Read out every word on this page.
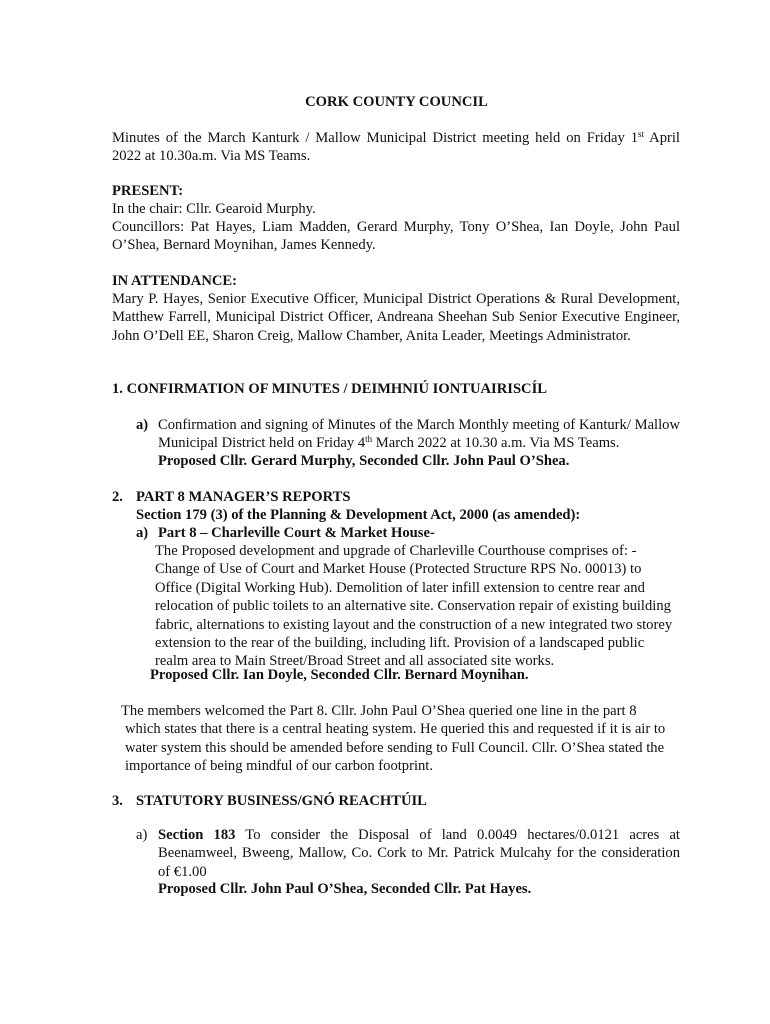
CORK COUNTY COUNCIL
Minutes of the March Kanturk / Mallow Municipal District meeting held on Friday 1st April 2022 at 10.30a.m. Via MS Teams.
PRESENT:
In the chair: Cllr. Gearoid Murphy.
Councillors: Pat Hayes, Liam Madden, Gerard Murphy, Tony O’Shea, Ian Doyle, John Paul O’Shea, Bernard Moynihan, James Kennedy.
IN ATTENDANCE:
Mary P. Hayes, Senior Executive Officer, Municipal District Operations & Rural Development, Matthew Farrell, Municipal District Officer, Andreana Sheehan Sub Senior Executive Engineer, John O’Dell EE, Sharon Creig, Mallow Chamber, Anita Leader, Meetings Administrator.
1. CONFIRMATION OF MINUTES / DEIMHNIÚ IONTUAIRISCÍL
a) Confirmation and signing of Minutes of the March Monthly meeting of Kanturk/ Mallow Municipal District held on Friday 4th March 2022 at 10.30 a.m. Via MS Teams.
Proposed Cllr. Gerard Murphy, Seconded Cllr. John Paul O’Shea.
2. PART 8 MANAGER’S REPORTS
Section 179 (3) of the Planning & Development Act, 2000 (as amended):
a) Part 8 – Charleville Court & Market House-
The Proposed development and upgrade of Charleville Courthouse comprises of: -
Change of Use of Court and Market House (Protected Structure RPS No. 00013) to
Office (Digital Working Hub). Demolition of later infill extension to centre rear and
relocation of public toilets to an alternative site. Conservation repair of existing building
fabric, alternations to existing layout and the construction of a new integrated two storey
extension to the rear of the building, including lift. Provision of a landscaped public
realm area to Main Street/Broad Street and all associated site works.
Proposed Cllr. Ian Doyle, Seconded Cllr. Bernard Moynihan.
The members welcomed the Part 8. Cllr. John Paul O’Shea queried one line in the part 8
which states that there is a central heating system. He queried this and requested if it is air to
water system this should be amended before sending to Full Council. Cllr. O’Shea stated the
importance of being mindful of our carbon footprint.
3. STATUTORY BUSINESS/GNÓ REACHTÚIL
a) Section 183 To consider the Disposal of land 0.0049 hectares/0.0121 acres at Beenamweel, Bweeng, Mallow, Co. Cork to Mr. Patrick Mulcahy for the consideration of €1.00
Proposed Cllr. John Paul O’Shea, Seconded Cllr. Pat Hayes.
